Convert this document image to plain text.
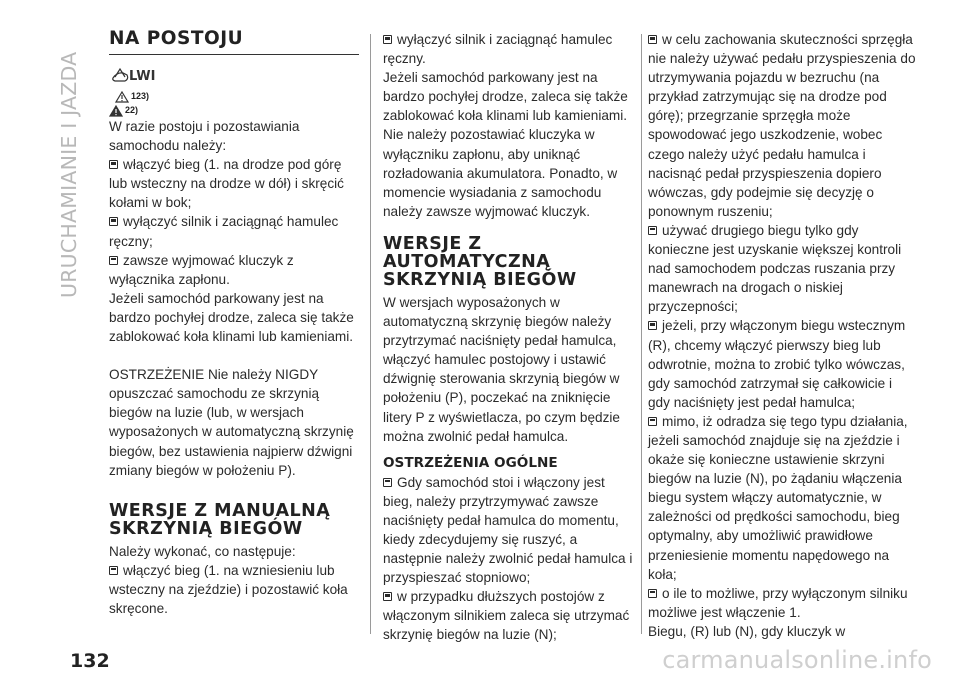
URUCHAMIANIE I JAZDA
NA POSTOJU
LWI
123)
22)

W razie postoju i pozostawiania samochodu należy:

włączyć bieg (1. na drodze pod górę lub wsteczny na drodze w dół) i skręcić kołami w bok;

wyłączyć silnik i zaciągnąć hamulec ręczny;

zawsze wyjmować kluczyk z wyłącznika zapłonu.

Jeżeli samochód parkowany jest na bardzo pochyłej drodze, zaleca się także zablokować koła klinami lub kamieniami.

OSTRZEŻENIE Nie należy NIGDY opuszczać samochodu ze skrzynią biegów na luzie (lub, w wersjach wyposażonych w automatyczną skrzynię biegów, bez ustawienia najpierw dźwigni zmiany biegów w położeniu P).

WERSJE Z MANUALNĄ
SKRZYNIĄ BIEGÓW

Należy wykonać, co następuje:

włączyć bieg (1. na wzniesieniu lub wsteczny na zjeździe) i pozostawić koła skręcone.

wyłączyć silnik i zaciągnąć hamulec ręczny.

Jeżeli samochód parkowany jest na bardzo pochyłej drodze, zaleca się także zablokować koła klinami lub kamieniami.

Nie należy pozostawiać kluczyka w wyłączniku zapłonu, aby uniknąć rozładowania akumulatora. Ponadto, w momencie wysiadania z samochodu należy zawsze wyjmować kluczyk.

WERSJE Z
AUTOMATYCZNĄ
SKRZYNIĄ BIEGÓW

W wersjach wyposażonych w automatyczną skrzynię biegów należy przytrzymać naciśnięty pedał hamulca, włączyć hamulec postojowy i ustawić dźwignię sterowania skrzynią biegów w położeniu (P), poczekać na zniknięcie litery P z wyświetlacza, po czym będzie można zwolnić pedał hamulca.

OSTRZEŻENIA OGÓLNE

Gdy samochód stoi i włączony jest bieg, należy przytrzymywać zawsze naciśnięty pedał hamulca do momentu, kiedy zdecydujemy się ruszyć, a następnie należy zwolnić pedał hamulca i przyspieszać stopniowo;

w przypadku dłuższych postojów z włączonym silnikiem zaleca się utrzymać skrzynię biegów na luzie (N);

w celu zachowania skuteczności sprzęgła nie należy używać pedału przyspieszenia do utrzymywania pojazdu w bezruchu (na przykład zatrzymując się na drodze pod górę); przegrzanie sprzęgła może spowodować jego uszkodzenie, wobec czego należy użyć pedału hamulca i nacisnąć pedał przyspieszenia dopiero wówczas, gdy podejmie się decyzję o ponownym ruszeniu;

używać drugiego biegu tylko gdy konieczne jest uzyskanie większej kontroli nad samochodem podczas ruszania przy manewrach na drogach o niskiej przyczepności;

jeżeli, przy włączonym biegu wstecznym (R), chcemy włączyć pierwszy bieg lub odwrotnie, można to zrobić tylko wówczas, gdy samochód zatrzymał się całkowicie i gdy naciśnięty jest pedał hamulca;

mimo, iż odradza się tego typu działania, jeżeli samochód znajduje się na zjeździe i okaże się konieczne ustawienie skrzyni biegów na luzie (N), po żądaniu włączenia biegu system włączy automatycznie, w zależności od prędkości samochodu, bieg optymalny, aby umożliwić prawidłowe przeniesienie momentu napędowego na koła;

o ile to możliwe, przy wyłączonym silniku możliwe jest włączenie 1.

Biegu, (R) lub (N), gdy kluczyk w

132	carmanualsonline.info
